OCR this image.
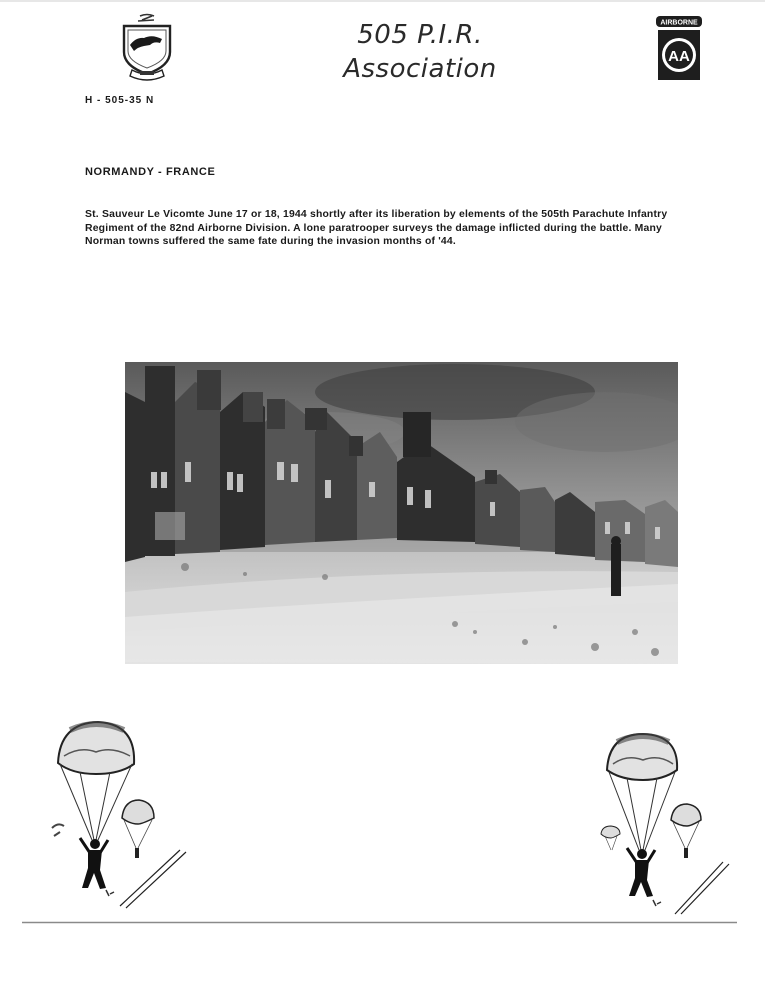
505 P.I.R.
Association
AIRBORNE
AA
H - 505-35 N
NORMANDY - FRANCE
St. Sauveur Le Vicomte June 17 or 18, 1944 shortly after its liberation by elements of the 505th Parachute Infantry Regiment of the 82nd Airborne Division. A lone paratrooper surveys the damage inflicted during the battle. Many Norman towns suffered the same fate during the invasion months of '44.
